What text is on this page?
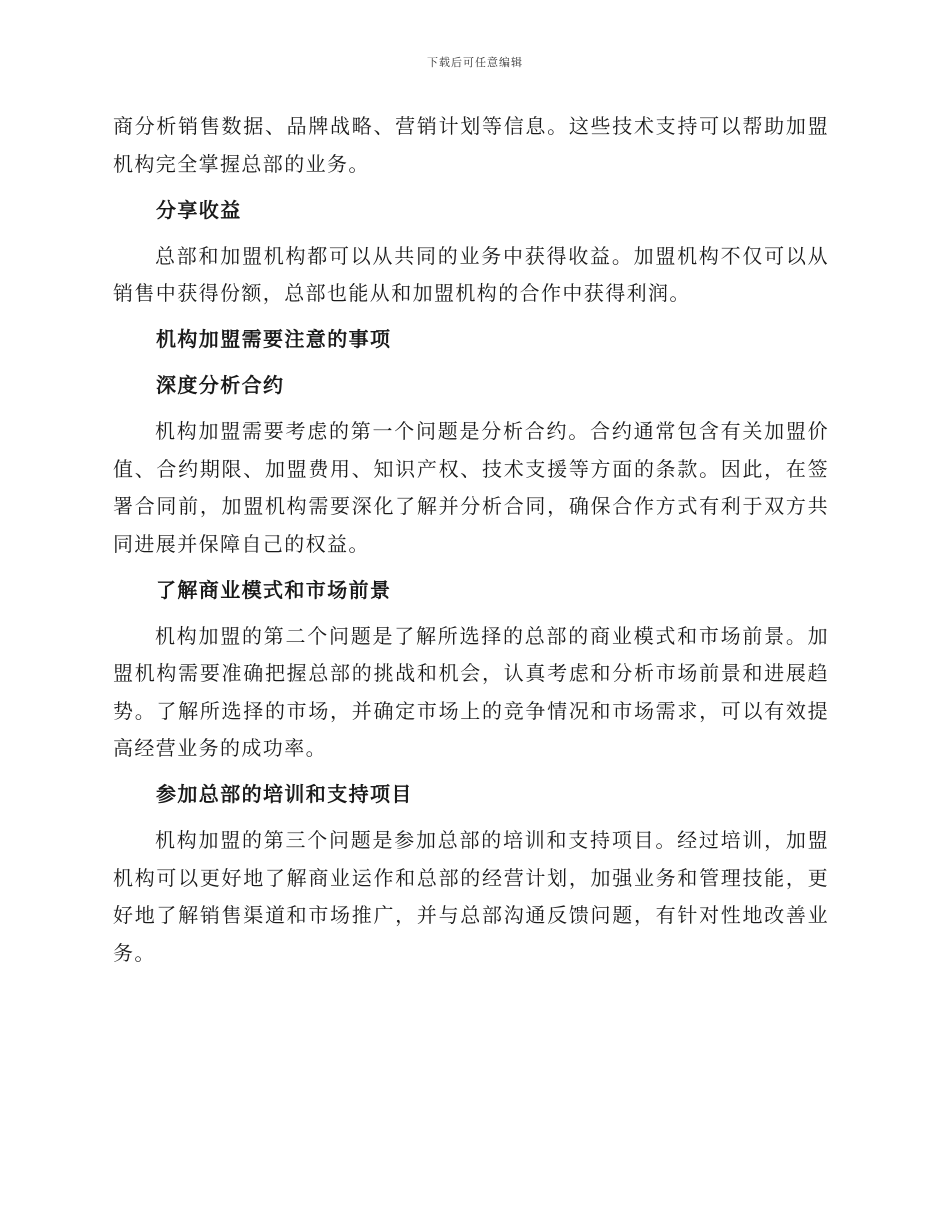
下载后可任意编辑

商分析销售数据、品牌战略、营销计划等信息。这些技术支持可以帮助加盟机构完全掌握总部的业务。

分享收益

总部和加盟机构都可以从共同的业务中获得收益。加盟机构不仅可以从销售中获得份额，总部也能从和加盟机构的合作中获得利润。

机构加盟需要注意的事项
深度分析合约

机构加盟需要考虑的第一个问题是分析合约。合约通常包含有关加盟价值、合约期限、加盟费用、知识产权、技术支援等方面的条款。因此，在签署合同前，加盟机构需要深化了解并分析合同，确保合作方式有利于双方共同进展并保障自己的权益。

了解商业模式和市场前景

机构加盟的第二个问题是了解所选择的总部的商业模式和市场前景。加盟机构需要准确把握总部的挑战和机会，认真考虑和分析市场前景和进展趋势。了解所选择的市场，并确定市场上的竞争情况和市场需求，可以有效提高经营业务的成功率。

参加总部的培训和支持项目

机构加盟的第三个问题是参加总部的培训和支持项目。经过培训，加盟机构可以更好地了解商业运作和总部的经营计划，加强业务和管理技能，更好地了解销售渠道和市场推广，并与总部沟通反馈问题，有针对性地改善业务。
